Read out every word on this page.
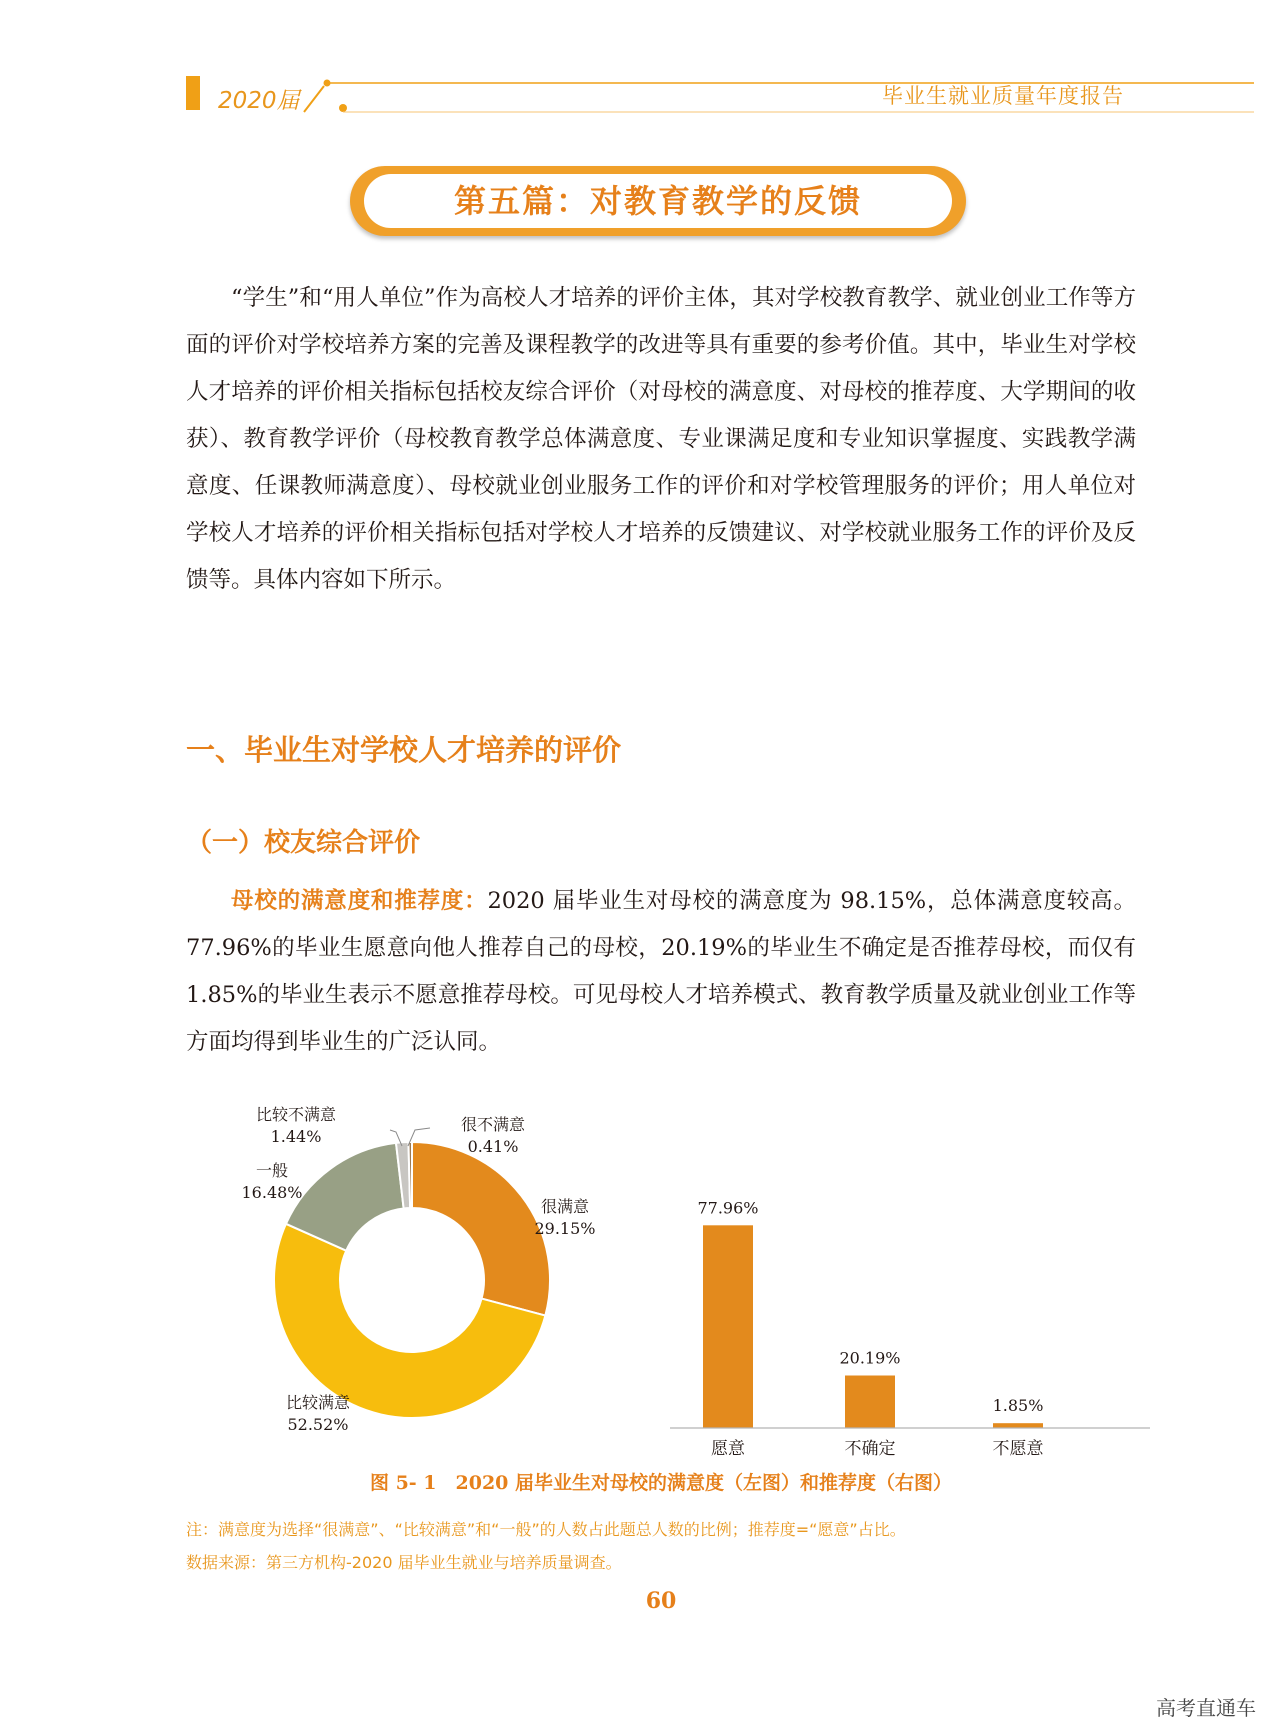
2020届	毕业生就业质量年度报告
第五篇：对教育教学的反馈
“学生”和“用人单位”作为高校人才培养的评价主体，其对学校教育教学、就业创业工作等方面的评价对学校培养方案的完善及课程教学的改进等具有重要的参考价值。其中，毕业生对学校人才培养的评价相关指标包括校友综合评价（对母校的满意度、对母校的推荐度、大学期间的收获）、教育教学评价（母校教育教学总体满意度、专业课满足度和专业知识掌握度、实践教学满意度、任课教师满意度）、母校就业创业服务工作的评价和对学校管理服务的评价；用人单位对学校人才培养的评价相关指标包括对学校人才培养的反馈建议、对学校就业服务工作的评价及反馈等。具体内容如下所示。
一、毕业生对学校人才培养的评价
（一）校友综合评价
母校的满意度和推荐度：2020 届毕业生对母校的满意度为 98.15%，总体满意度较高。77.96%的毕业生愿意向他人推荐自己的母校，20.19%的毕业生不确定是否推荐母校，而仅有 1.85%的毕业生表示不愿意推荐母校。可见母校人才培养模式、教育教学质量及就业创业工作等方面均得到毕业生的广泛认同。
比较不满意
1.44%
很不满意
0.41%
一般
16.48%
很满意
29.15%
比较满意
52.52%
77.96%
愿意
20.19%
不确定
1.85%
不愿意
图 5- 1　2020 届毕业生对母校的满意度（左图）和推荐度（右图）
注：满意度为选择“很满意”、“比较满意”和“一般”的人数占此题总人数的比例；推荐度=“愿意”占比。
数据来源：第三方机构-2020 届毕业生就业与培养质量调查。
60
高考直通车
